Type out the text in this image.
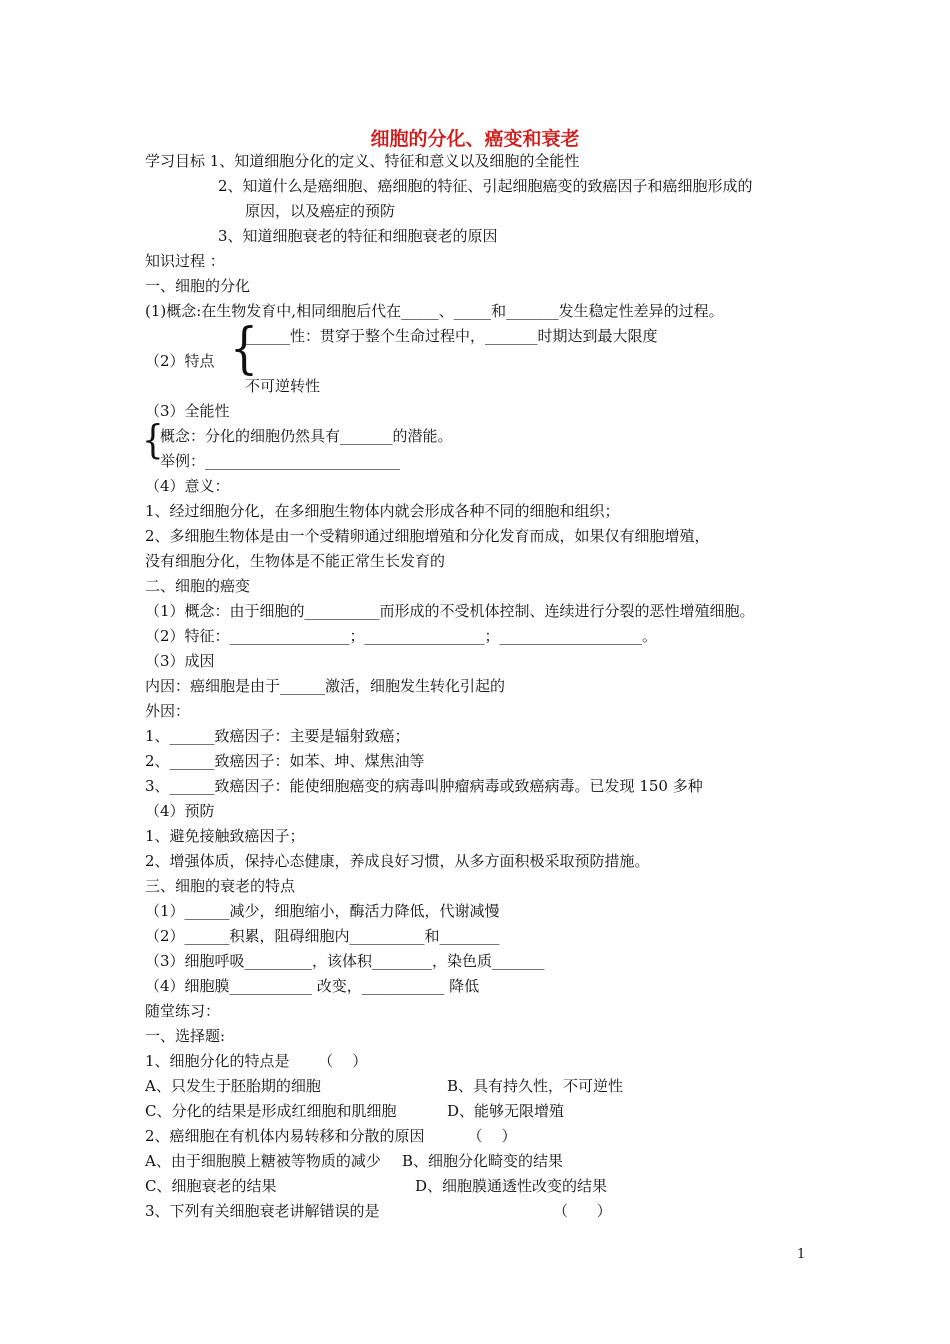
细胞的分化、癌变和衰老
学习目标 1、知道细胞分化的定义、特征和意义以及细胞的全能性
2、知道什么是癌细胞、癌细胞的特征、引起细胞癌变的致癌因子和癌细胞形成的
原因，以及癌症的预防
3、知道细胞衰老的特征和细胞衰老的原因
知识过程 ：
一、细胞的分化
(1)概念:在生物发育中,相同细胞后代在_____、_____和_______发生稳定性差异的过程。
{
（2）特点
______性：贯穿于整个生命过程中，_______时期达到最大限度
不可逆转性
（3）全能性
{
概念：分化的细胞仍然具有_______的潜能。
举例：__________________________
（4）意义：
1、经过细胞分化，在多细胞生物体内就会形成各种不同的细胞和组织；
2、多细胞生物体是由一个受精卵通过细胞增殖和分化发育而成，如果仅有细胞增殖，
没有细胞分化，生物体是不能正常生长发育的
二、细胞的癌变
（1）概念：由于细胞的__________而形成的不受机体控制、连续进行分裂的恶性增殖细胞。
（2）特征：________________；________________；___________________。
（3）成因
内因：癌细胞是由于______激活，细胞发生转化引起的
外因：
1、______致癌因子：主要是辐射致癌；
2、______致癌因子：如苯、坤、煤焦油等
3、______致癌因子：能使细胞癌变的病毒叫肿瘤病毒或致癌病毒。已发现 150 多种
（4）预防
1、避免接触致癌因子；
2、增强体质，保持心态健康，养成良好习惯，从多方面积极采取预防措施。
三、细胞的衰老的特点
（1）______减少，细胞缩小，酶活力降低，代谢减慢
（2）______积累，阻碍细胞内__________和________
（3）细胞呼吸_________，该体积________，染色质_______
（4）细胞膜___________ 改变，___________ 降低
随堂练习：
一、选择题:
1、细胞分化的特点是      （    ）
A、只发生于胚胎期的细胞	B、具有持久性，不可逆性
C、分化的结果是形成红细胞和肌细胞	D、能够无限增殖
2、癌细胞在有机体内易转移和分散的原因         （    ）
A、由于细胞膜上糖被等物质的减少 B、细胞分化畸变的结果
C、细胞衰老的结果	D、细胞膜通透性改变的结果
3、下列有关细胞衰老讲解错误的是	（      ）
1
